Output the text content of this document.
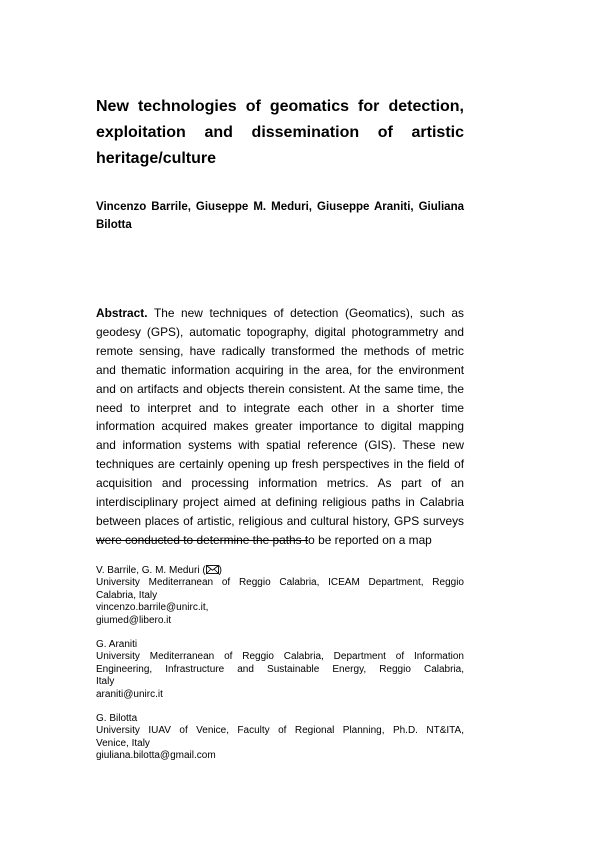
New technologies of geomatics for detection, exploitation and dissemination of artistic heritage/culture

Vincenzo Barrile, Giuseppe M. Meduri, Giuseppe Araniti, Giuliana Bilotta

Abstract. The new techniques of detection (Geomatics), such as geodesy (GPS), automatic topography, digital photogrammetry and remote sensing, have radically transformed the methods of metric and thematic information acquiring in the area, for the environment and on artifacts and objects therein consistent. At the same time, the need to interpret and to integrate each other in a shorter time information acquired makes greater importance to digital mapping and information systems with spatial reference (GIS). These new techniques are certainly opening up fresh perspectives in the field of acquisition and processing information metrics. As part of an interdisciplinary project aimed at defining religious paths in Calabria between places of artistic, religious and cultural history, GPS surveys were conducted to determine the paths to be reported on a map

V. Barrile, G. M. Meduri ( )
University Mediterranean of Reggio Calabria, ICEAM Department, Reggio
Calabria, Italy
vincenzo.barrile@unirc.it,
giumed@libero.it
G. Araniti
University Mediterranean of Reggio Calabria, Department of Information
Engineering, Infrastructure and Sustainable Energy, Reggio Calabria,
Italy
araniti@unirc.it
G. Bilotta
University IUAV of Venice, Faculty of Regional Planning, Ph.D. NT&ITA,
Venice, Italy
giuliana.bilotta@gmail.com
